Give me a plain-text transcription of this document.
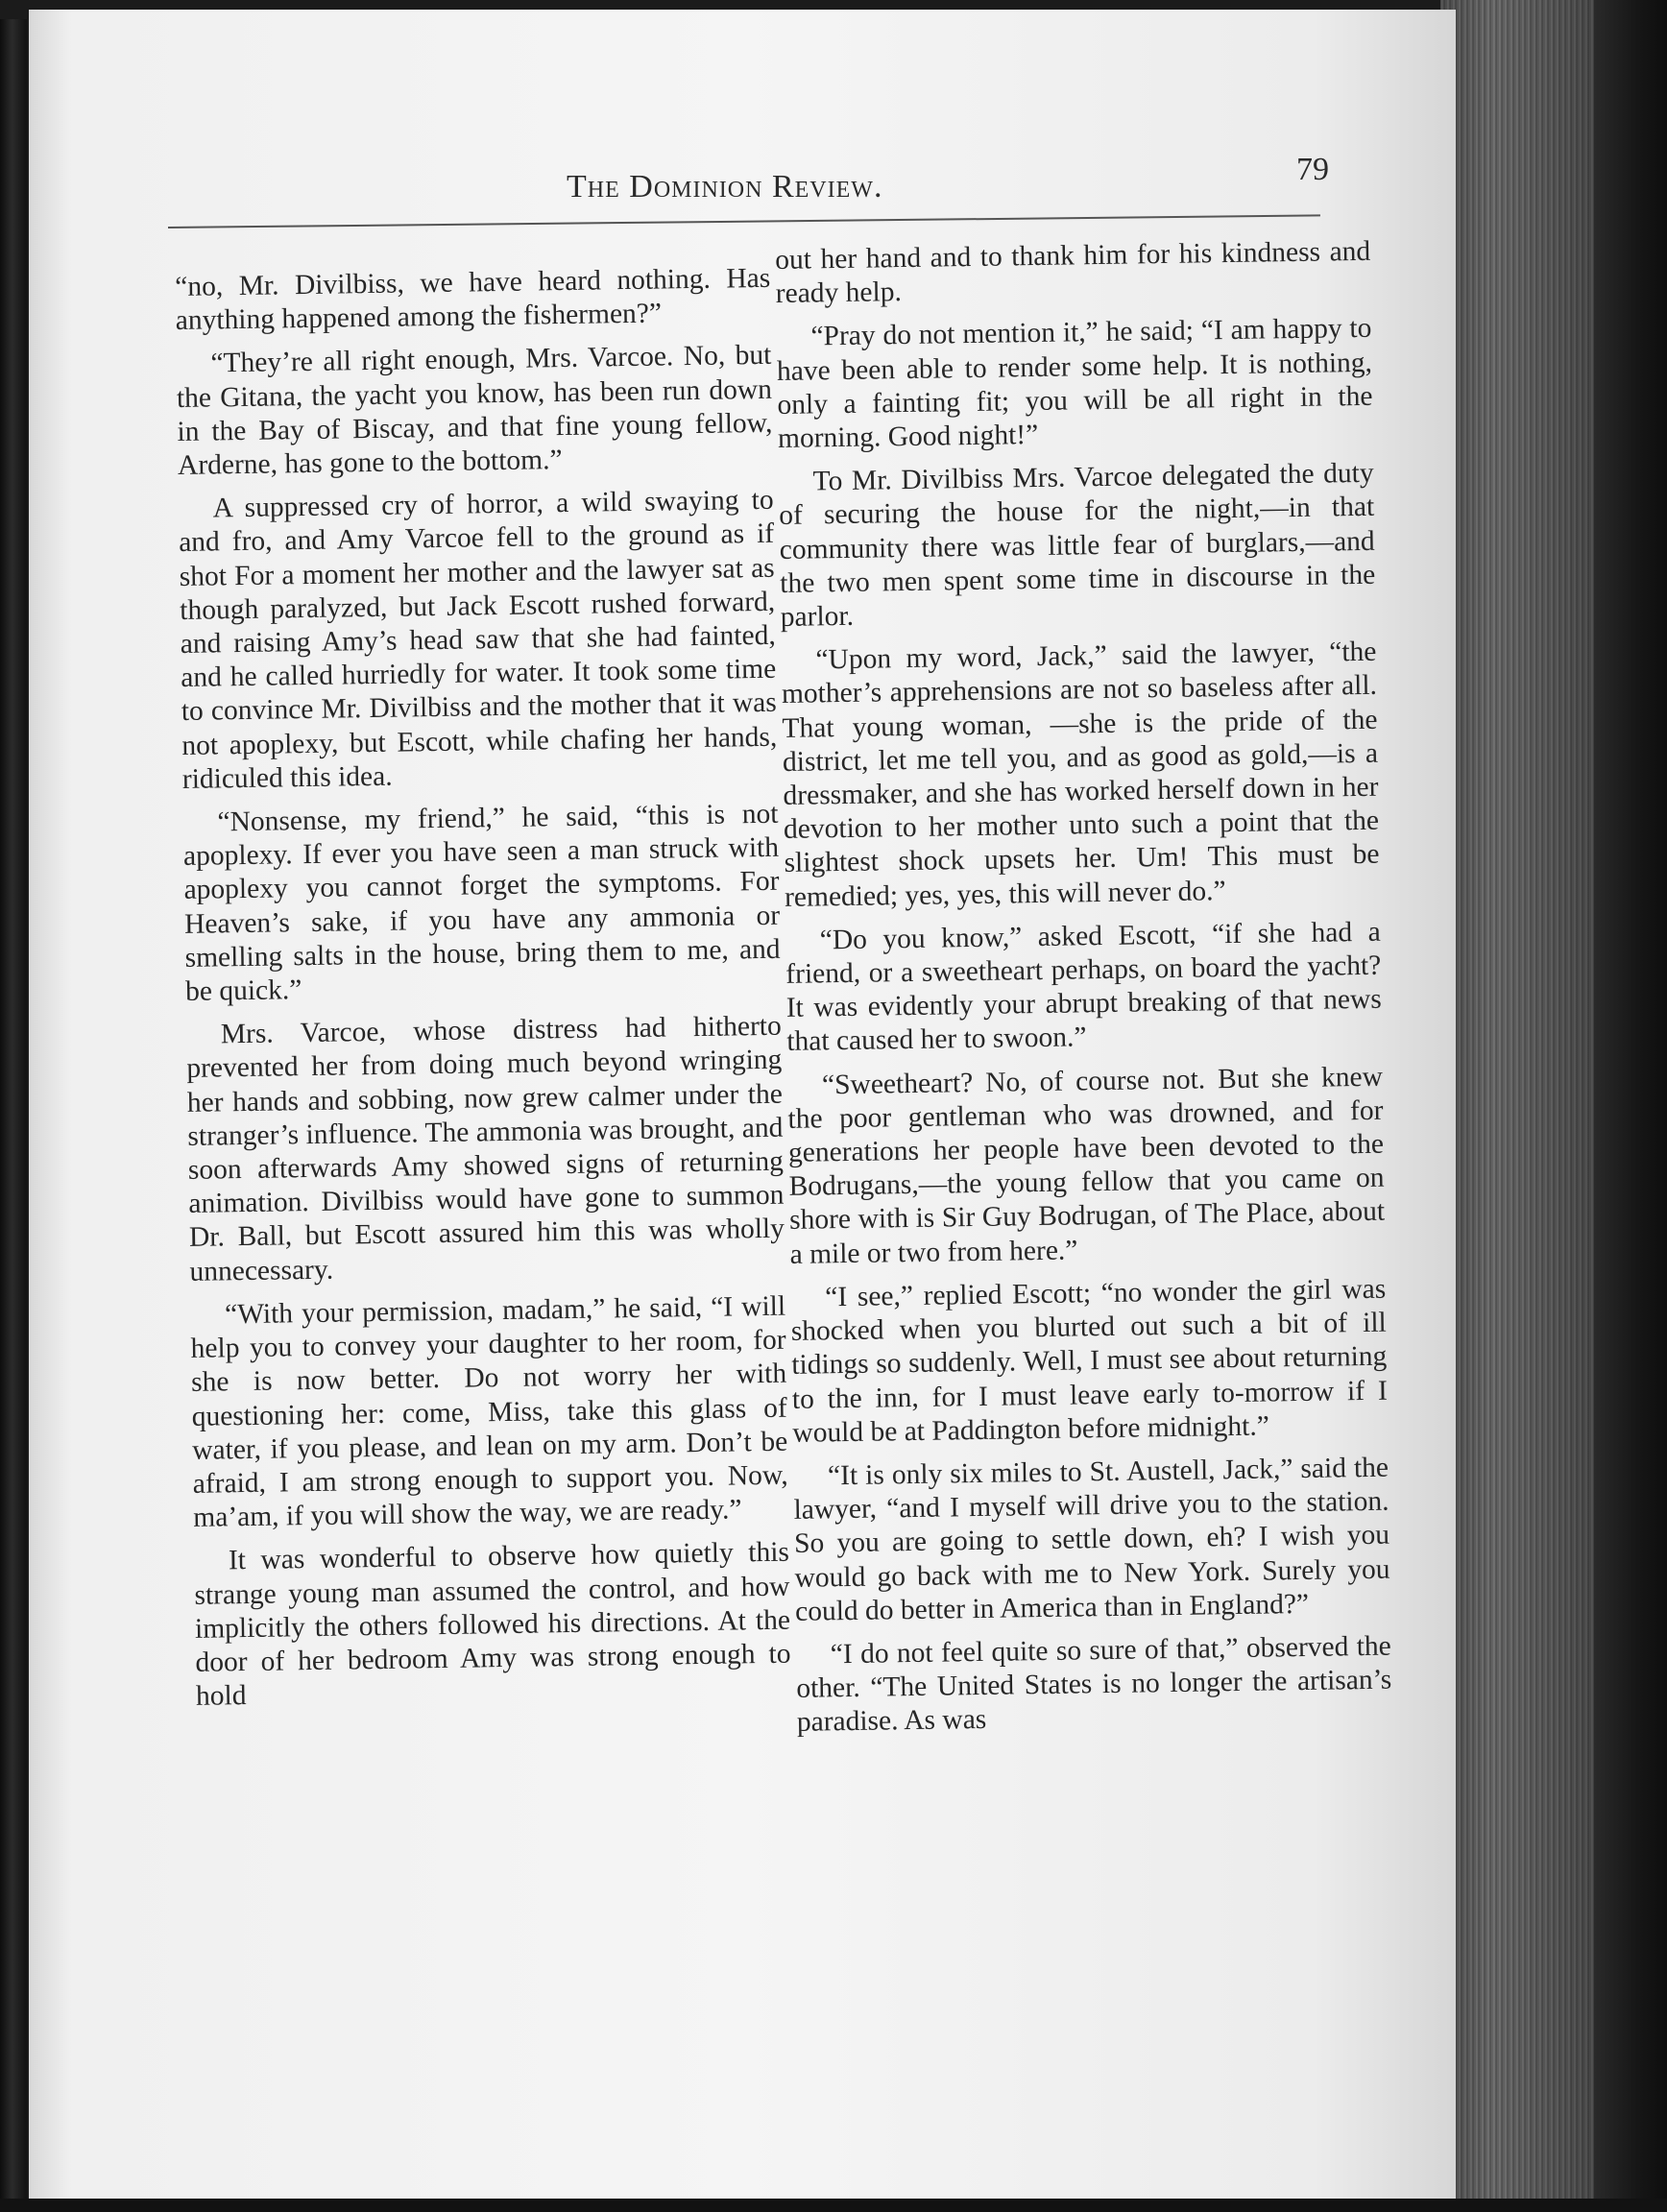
The Dominion Review.	79

“no, Mr. Divilbiss, we have heard nothing. Has anything happened among the fishermen?”

“They’re all right enough, Mrs. Varcoe. No, but the Gitana, the yacht you know, has been run down in the Bay of Biscay, and that fine young fellow, Arderne, has gone to the bottom.”

A suppressed cry of horror, a wild swaying to and fro, and Amy Varcoe fell to the ground as if shot For a moment her mother and the lawyer sat as though paralyzed, but Jack Escott rushed forward, and raising Amy’s head saw that she had fainted, and he called hurriedly for water. It took some time to convince Mr. Divilbiss and the mother that it was not apoplexy, but Escott, while chafing her hands, ridiculed this idea.

“Nonsense, my friend,” he said, “this is not apoplexy. If ever you have seen a man struck with apoplexy you cannot forget the symptoms. For Heaven’s sake, if you have any ammonia or smelling salts in the house, bring them to me, and be quick.”

Mrs. Varcoe, whose distress had hitherto prevented her from doing much beyond wringing her hands and sobbing, now grew calmer under the stranger’s influence. The ammonia was brought, and soon afterwards Amy showed signs of returning animation. Divilbiss would have gone to summon Dr. Ball, but Escott assured him this was wholly unnecessary.

“With your permission, madam,” he said, “I will help you to convey your daughter to her room, for she is now better. Do not worry her with questioning her: come, Miss, take this glass of water, if you please, and lean on my arm. Don’t be afraid, I am strong enough to support you. Now, ma’am, if you will show the way, we are ready.”

It was wonderful to observe how quietly this strange young man assumed the control, and how implicitly the others followed his directions. At the door of her bedroom Amy was strong enough to hold

out her hand and to thank him for his kindness and ready help.

“Pray do not mention it,” he said; “I am happy to have been able to render some help. It is nothing, only a fainting fit; you will be all right in the morning. Good night!”

To Mr. Divilbiss Mrs. Varcoe delegated the duty of securing the house for the night,—in that community there was little fear of burglars,—and the two men spent some time in discourse in the parlor.

“Upon my word, Jack,” said the lawyer, “the mother’s apprehensions are not so baseless after all. That young woman, —she is the pride of the district, let me tell you, and as good as gold,—is a dressmaker, and she has worked herself down in her devotion to her mother unto such a point that the slightest shock upsets her. Um! This must be remedied; yes, yes, this will never do.”

“Do you know,” asked Escott, “if she had a friend, or a sweetheart perhaps, on board the yacht? It was evidently your abrupt breaking of that news that caused her to swoon.”

“Sweetheart? No, of course not. But she knew the poor gentleman who was drowned, and for generations her people have been devoted to the Bodrugans,—the young fellow that you came on shore with is Sir Guy Bodrugan, of The Place, about a mile or two from here.”

“I see,” replied Escott; “no wonder the girl was shocked when you blurted out such a bit of ill tidings so suddenly. Well, I must see about returning to the inn, for I must leave early to-morrow if I would be at Paddington before midnight.”

“It is only six miles to St. Austell, Jack,” said the lawyer, “and I myself will drive you to the station. So you are going to settle down, eh? I wish you would go back with me to New York. Surely you could do better in America than in England?”

“I do not feel quite so sure of that,” observed the other. “The United States is no longer the artisan’s paradise. As was
